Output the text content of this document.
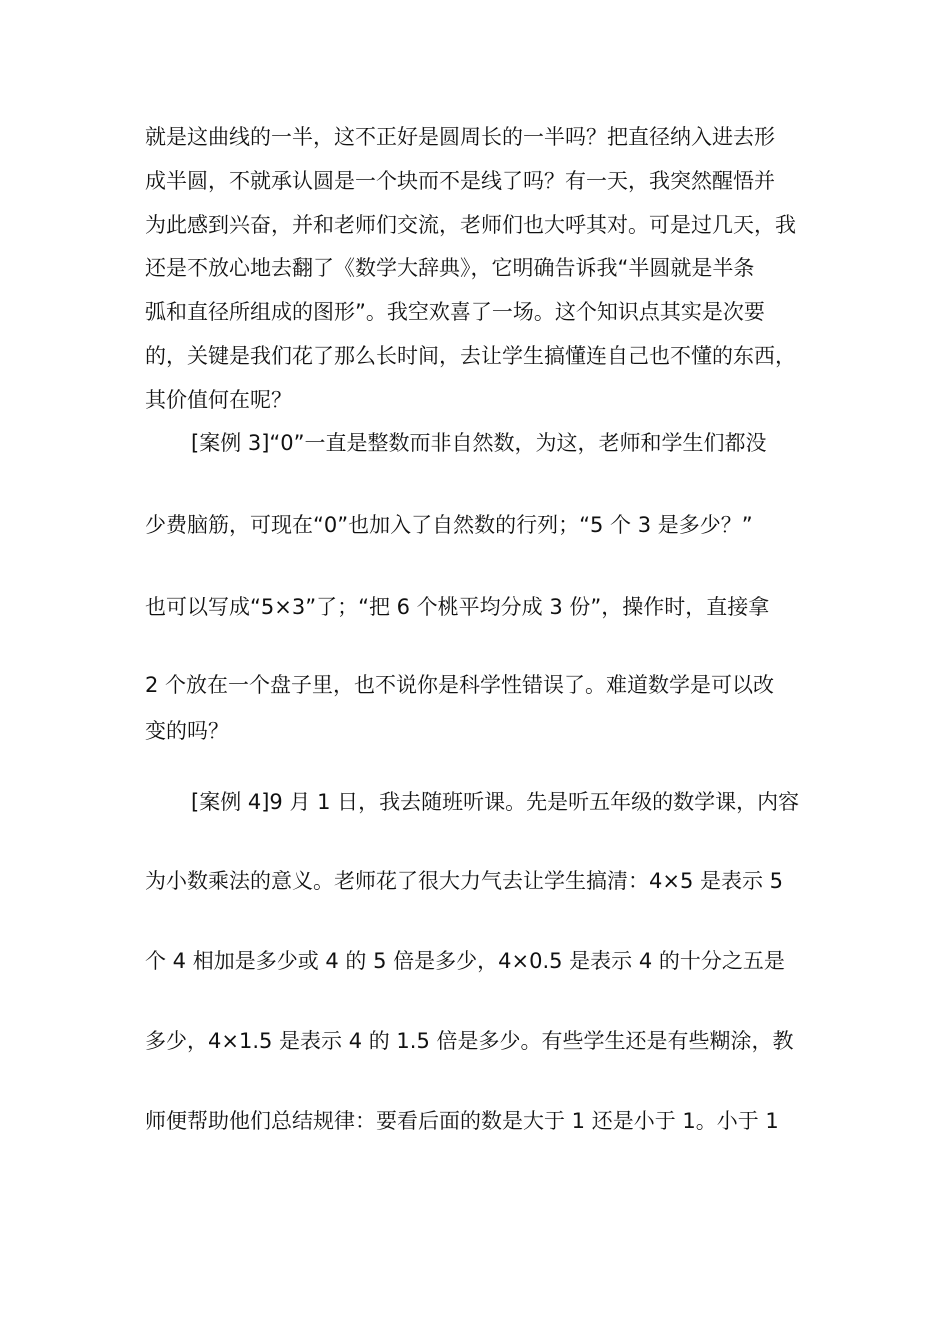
就是这曲线的一半，这不正好是圆周长的一半吗？把直径纳入进去形
成半圆，不就承认圆是一个块而不是线了吗？有一天，我突然醒悟并
为此感到兴奋，并和老师们交流，老师们也大呼其对。可是过几天，我
还是不放心地去翻了《数学大辞典》，它明确告诉我“半圆就是半条
弧和直径所组成的图形”。我空欢喜了一场。这个知识点其实是次要
的，关键是我们花了那么长时间，去让学生搞懂连自己也不懂的东西，
其价值何在呢？
[案例 3]“0”一直是整数而非自然数，为这，老师和学生们都没
少费脑筋，可现在“0”也加入了自然数的行列；“5 个 3 是多少？”
也可以写成“5×3”了；“把 6 个桃平均分成 3 份”，操作时，直接拿
2 个放在一个盘子里，也不说你是科学性错误了。难道数学是可以改
变的吗？
[案例 4]9 月 1 日，我去随班听课。先是听五年级的数学课，内容
为小数乘法的意义。老师花了很大力气去让学生搞清：4×5 是表示 5
个 4 相加是多少或 4 的 5 倍是多少，4×0.5 是表示 4 的十分之五是
多少，4×1.5 是表示 4 的 1.5 倍是多少。有些学生还是有些糊涂，教
师便帮助他们总结规律：要看后面的数是大于 1 还是小于 1。小于 1
